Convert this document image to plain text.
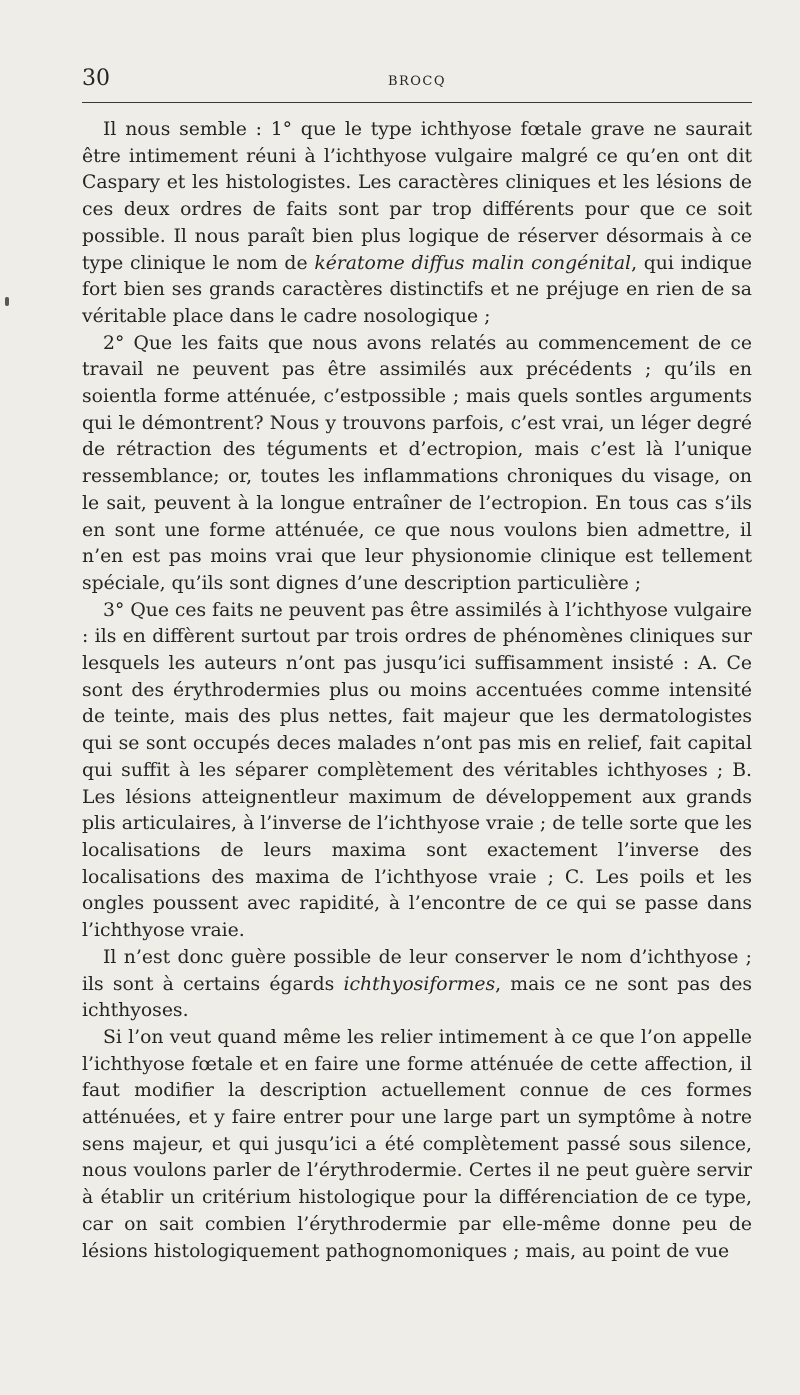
30	BROCQ

Il nous semble : 1° que le type ichthyose fœtale grave ne saurait être intimement réuni à l’ichthyose vulgaire malgré ce qu’en ont dit Caspary et les histologistes. Les caractères cliniques et les lésions de ces deux ordres de faits sont par trop différents pour que ce soit possible. Il nous paraît bien plus logique de réserver désormais à ce type clinique le nom de kératome diffus malin congénital, qui indique fort bien ses grands caractères distinctifs et ne préjuge en rien de sa véritable place dans le cadre nosologique ;

2° Que les faits que nous avons relatés au commencement de ce travail ne peuvent pas être assimilés aux précédents ; qu’ils en soientla forme atténuée, c’estpossible ; mais quels sontles arguments qui le démontrent? Nous y trouvons parfois, c’est vrai, un léger degré de rétraction des téguments et d’ectropion, mais c’est là l’unique ressemblance; or, toutes les inflammations chroniques du visage, on le sait, peuvent à la longue entraîner de l’ectropion. En tous cas s’ils en sont une forme atténuée, ce que nous voulons bien admettre, il n’en est pas moins vrai que leur physionomie clinique est tellement spéciale, qu’ils sont dignes d’une description particulière ;

3° Que ces faits ne peuvent pas être assimilés à l’ichthyose vulgaire : ils en diffèrent surtout par trois ordres de phénomènes cliniques sur lesquels les auteurs n’ont pas jusqu’ici suffisamment insisté : A. Ce sont des érythrodermies plus ou moins accentuées comme intensité de teinte, mais des plus nettes, fait majeur que les dermatologistes qui se sont occupés deces malades n’ont pas mis en relief, fait capital qui suffit à les séparer complètement des véritables ichthyoses ; B. Les lésions atteignentleur maximum de développement aux grands plis articulaires, à l’inverse de l’ichthyose vraie ; de telle sorte que les localisations de leurs maxima sont exactement l’inverse des localisations des maxima de l’ichthyose vraie ; C. Les poils et les ongles poussent avec rapidité, à l’encontre de ce qui se passe dans l’ichthyose vraie.

Il n’est donc guère possible de leur conserver le nom d’ichthyose ; ils sont à certains égards ichthyosiformes, mais ce ne sont pas des ichthyoses.

Si l’on veut quand même les relier intimement à ce que l’on appelle l’ichthyose fœtale et en faire une forme atténuée de cette affection, il faut modifier la description actuellement connue de ces formes atténuées, et y faire entrer pour une large part un symptôme à notre sens majeur, et qui jusqu’ici a été complètement passé sous silence, nous voulons parler de l’érythrodermie. Certes il ne peut guère servir à établir un critérium histologique pour la différenciation de ce type, car on sait combien l’érythrodermie par elle-même donne peu de lésions histologiquement pathognomoniques ; mais, au point de vue
